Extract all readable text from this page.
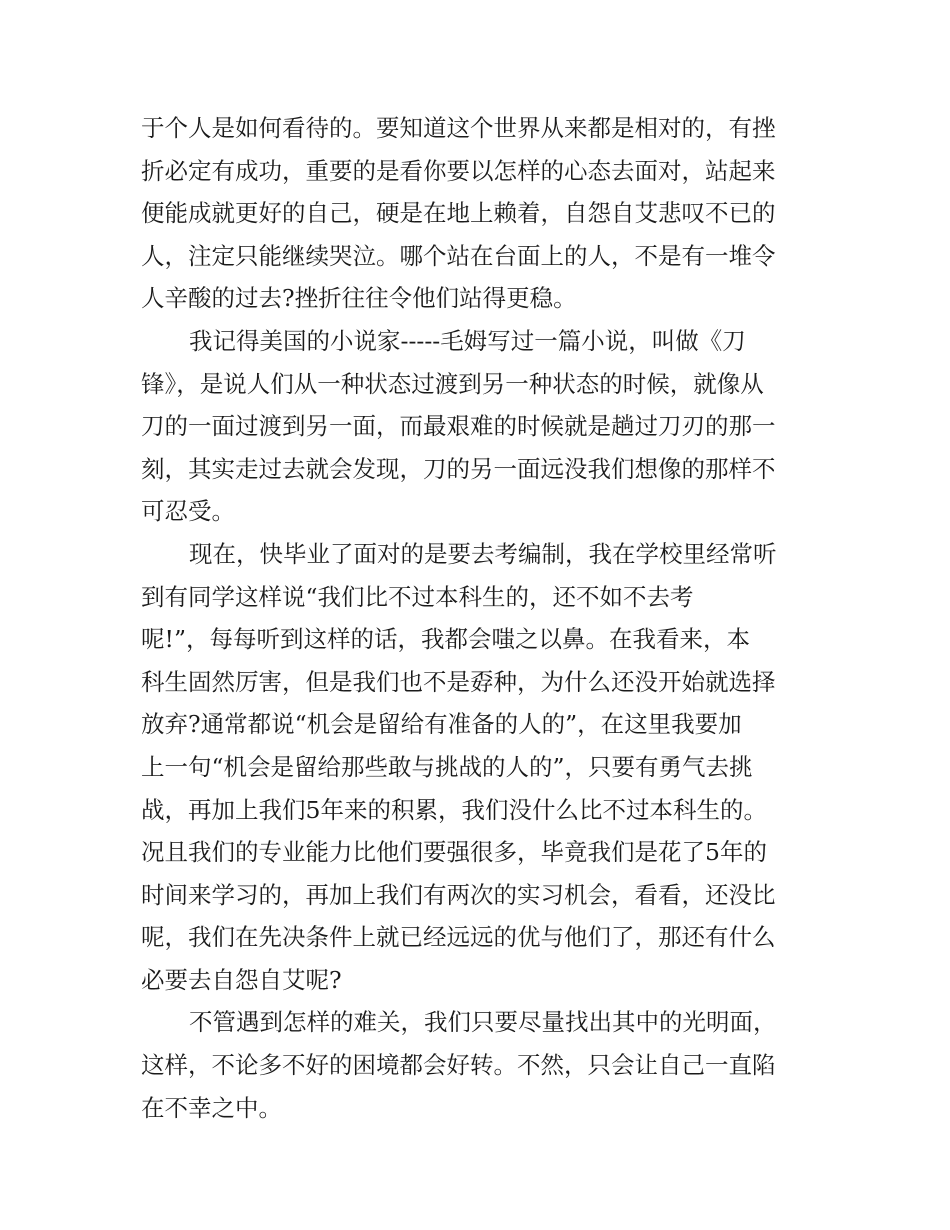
于个人是如何看待的。要知道这个世界从来都是相对的，有挫
折必定有成功，重要的是看你要以怎样的心态去面对，站起来
便能成就更好的自己，硬是在地上赖着，自怨自艾悲叹不已的
人，注定只能继续哭泣。哪个站在台面上的人，不是有一堆令
人辛酸的过去?挫折往往令他们站得更稳。
我记得美国的小说家-----毛姆写过一篇小说，叫做《刀
锋》，是说人们从一种状态过渡到另一种状态的时候，就像从
刀的一面过渡到另一面，而最艰难的时候就是趟过刀刃的那一
刻，其实走过去就会发现，刀的另一面远没我们想像的那样不
可忍受。
现在，快毕业了面对的是要去考编制，我在学校里经常听
到有同学这样说“我们比不过本科生的，还不如不去考
呢!”，每每听到这样的话，我都会嗤之以鼻。在我看来，本
科生固然厉害，但是我们也不是孬种，为什么还没开始就选择
放弃?通常都说“机会是留给有准备的人的”，在这里我要加
上一句“机会是留给那些敢与挑战的人的”，只要有勇气去挑
战，再加上我们5年来的积累，我们没什么比不过本科生的。
况且我们的专业能力比他们要强很多，毕竟我们是花了5年的
时间来学习的，再加上我们有两次的实习机会，看看，还没比
呢，我们在先决条件上就已经远远的优与他们了，那还有什么
必要去自怨自艾呢?
不管遇到怎样的难关，我们只要尽量找出其中的光明面，
这样，不论多不好的困境都会好转。不然，只会让自己一直陷
在不幸之中。
